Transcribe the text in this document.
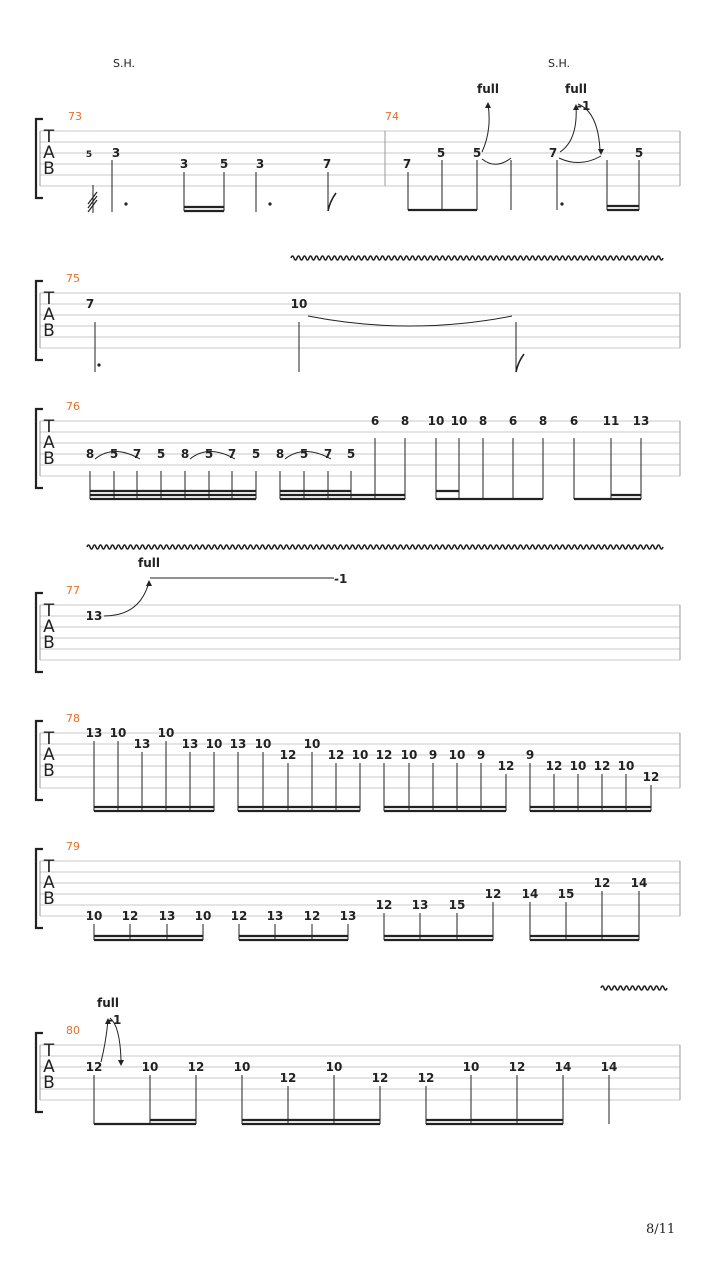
T
A
B
S.H.	S.H.
73	74
5 3
3	5 3	7	7
5 5	7	5
full	full
-1
T
A
B
75
7	10
T
A
B
76
8 5 7 5 8 5 7 5 8 5 7 5
6 8 10 10 8 6 8 6 11 13
T
A
B
77
13
full
-1
T
A
B
78
13 10
13
10
13 10 13 10
12
10
12 10 12 10 9 10 9
12
9
12 10 12 10
12
T
A
B
79
10 12 13 10 12 13 12 13
12 13 15
12 14 15
12 14
T
A
B
80
12	10 12 10
12
10
12 12
10 12 14 14
full
-1
8/11
